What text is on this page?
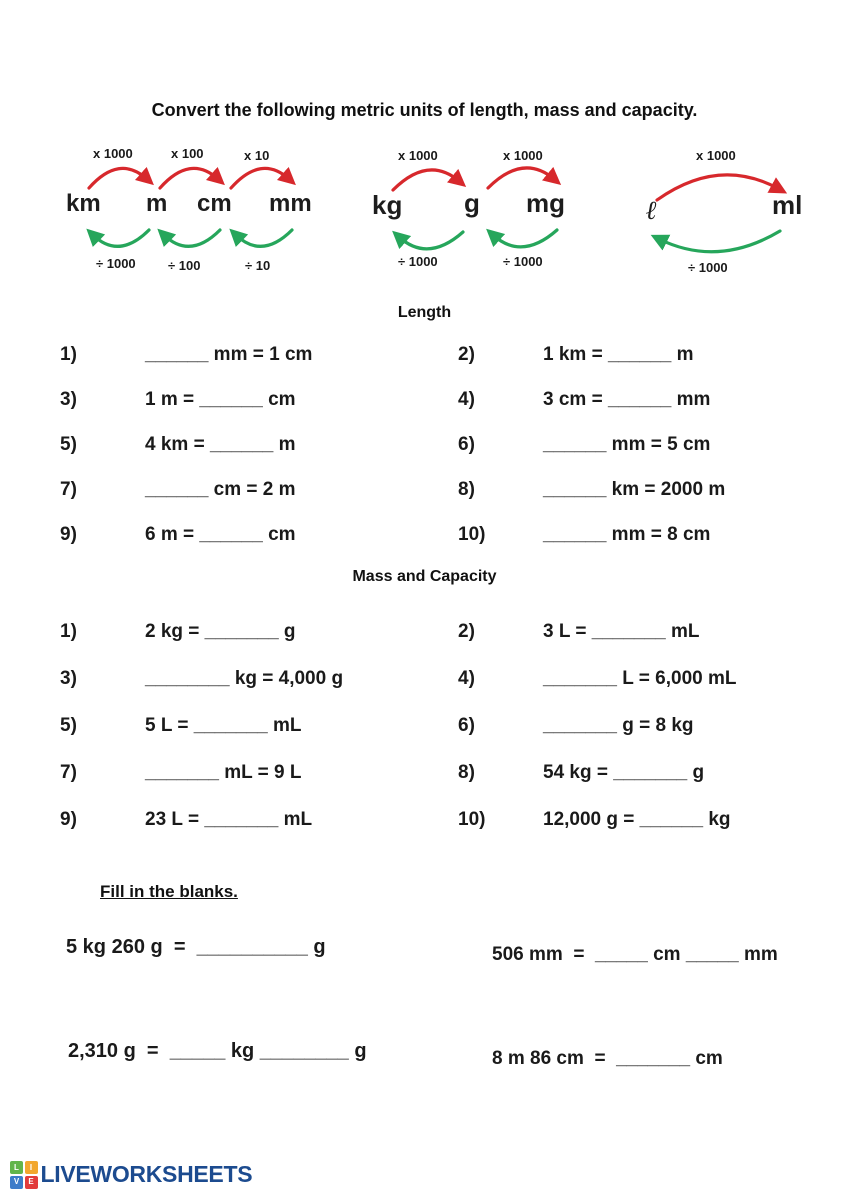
Convert the following metric units of length, mass and capacity.
x 1000	x 100	x 10
km m cm mm
÷ 1000 ÷ 100	÷ 10
x 1000	x 1000
kg g mg
÷ 1000	÷ 1000
x 1000
ℓ	ml
÷ 1000
Length
1)	______ mm = 1 cm	2)	1 km = ______ m
3)	1 m = ______ cm	4)	3 cm = ______ mm
5)	4 km = ______ m	6)	______ mm = 5 cm
7)	______ cm = 2 m	8)	______ km = 2000 m
9)	6 m = ______ cm	10)	______ mm = 8 cm
Mass and Capacity
1)	2 kg = _______ g	2)	3 L = _______ mL
3)	________ kg = 4,000 g	4)	_______ L = 6,000 mL
5)	5 L = _______ mL	6)	_______ g = 8 kg
7)	_______ mL = 9 L	8)	54 kg = _______ g
9)	23 L = _______ mL	10)	12,000 g = ______ kg
Fill in the blanks.
5 kg 260 g  =  __________ g	506 mm  =  _____ cm _____ mm
2,310 g  =  _____ kg ________ g	8 m 86 cm  =  _______ cm
L	I
V	E LIVEWORKSHEETS
